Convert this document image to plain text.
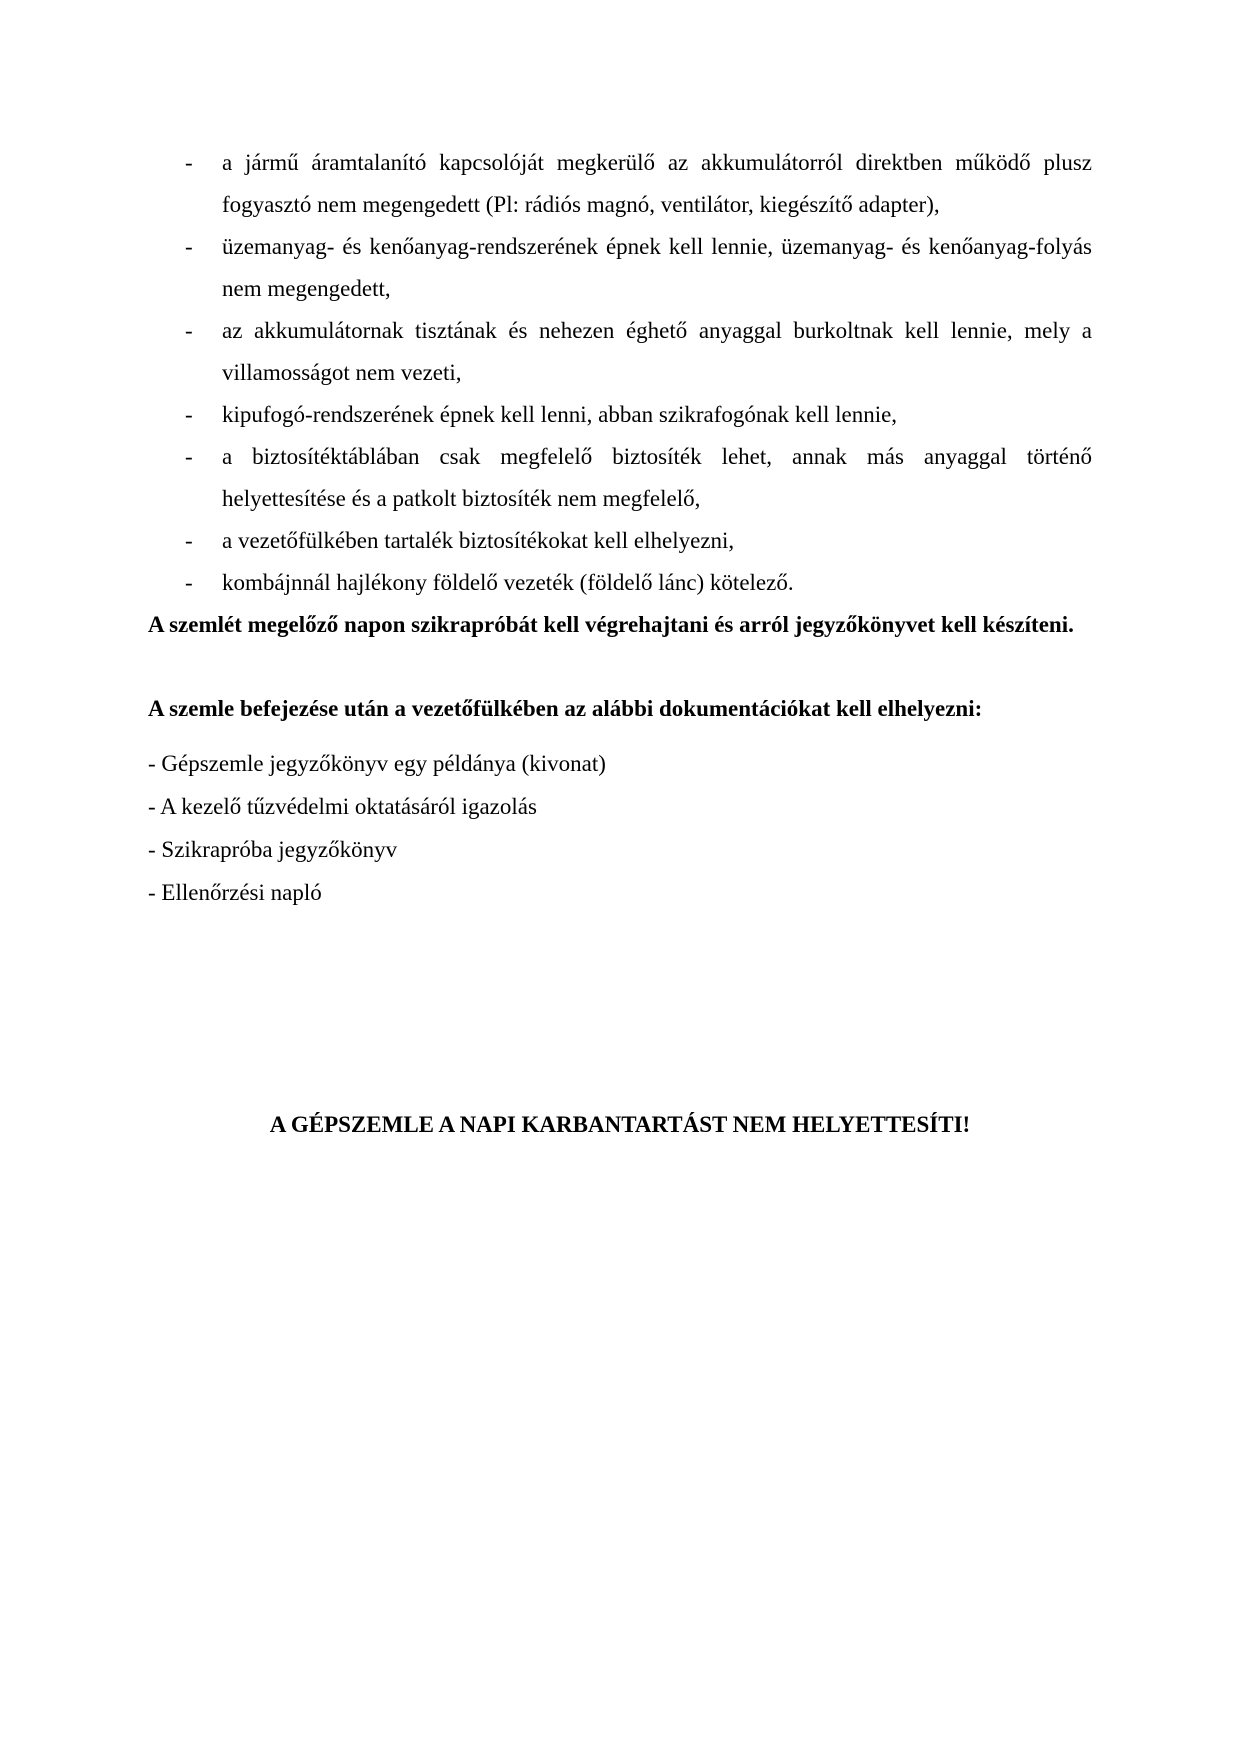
- a jármű áramtalanító kapcsolóját megkerülő az akkumulátorról direktben működő plusz fogyasztó nem megengedett (Pl: rádiós magnó, ventilátor, kiegészítő adapter),
- üzemanyag- és kenőanyag-rendszerének épnek kell lennie, üzemanyag- és kenőanyag-folyás nem megengedett,
- az akkumulátornak tisztának és nehezen éghető anyaggal burkoltnak kell lennie, mely a villamosságot nem vezeti,
- kipufogó-rendszerének épnek kell lenni, abban szikrafogónak kell lennie,
- a biztosítéktáblában csak megfelelő biztosíték lehet, annak más anyaggal történő helyettesítése és a patkolt biztosíték nem megfelelő,
- a vezetőfülkében tartalék biztosítékokat kell elhelyezni,
- kombájnnál hajlékony földelő vezeték (földelő lánc) kötelező.

A szemlét megelőző napon szikrapróbát kell végrehajtani és arról jegyzőkönyvet kell készíteni.

A szemle befejezése után a vezetőfülkében az alábbi dokumentációkat kell elhelyezni:

- Gépszemle jegyzőkönyv egy példánya (kivonat)
- A kezelő tűzvédelmi oktatásáról igazolás
- Szikrapróba jegyzőkönyv
- Ellenőrzési napló
A GÉPSZEMLE A NAPI KARBANTARTÁST NEM HELYETTESÍTI!
